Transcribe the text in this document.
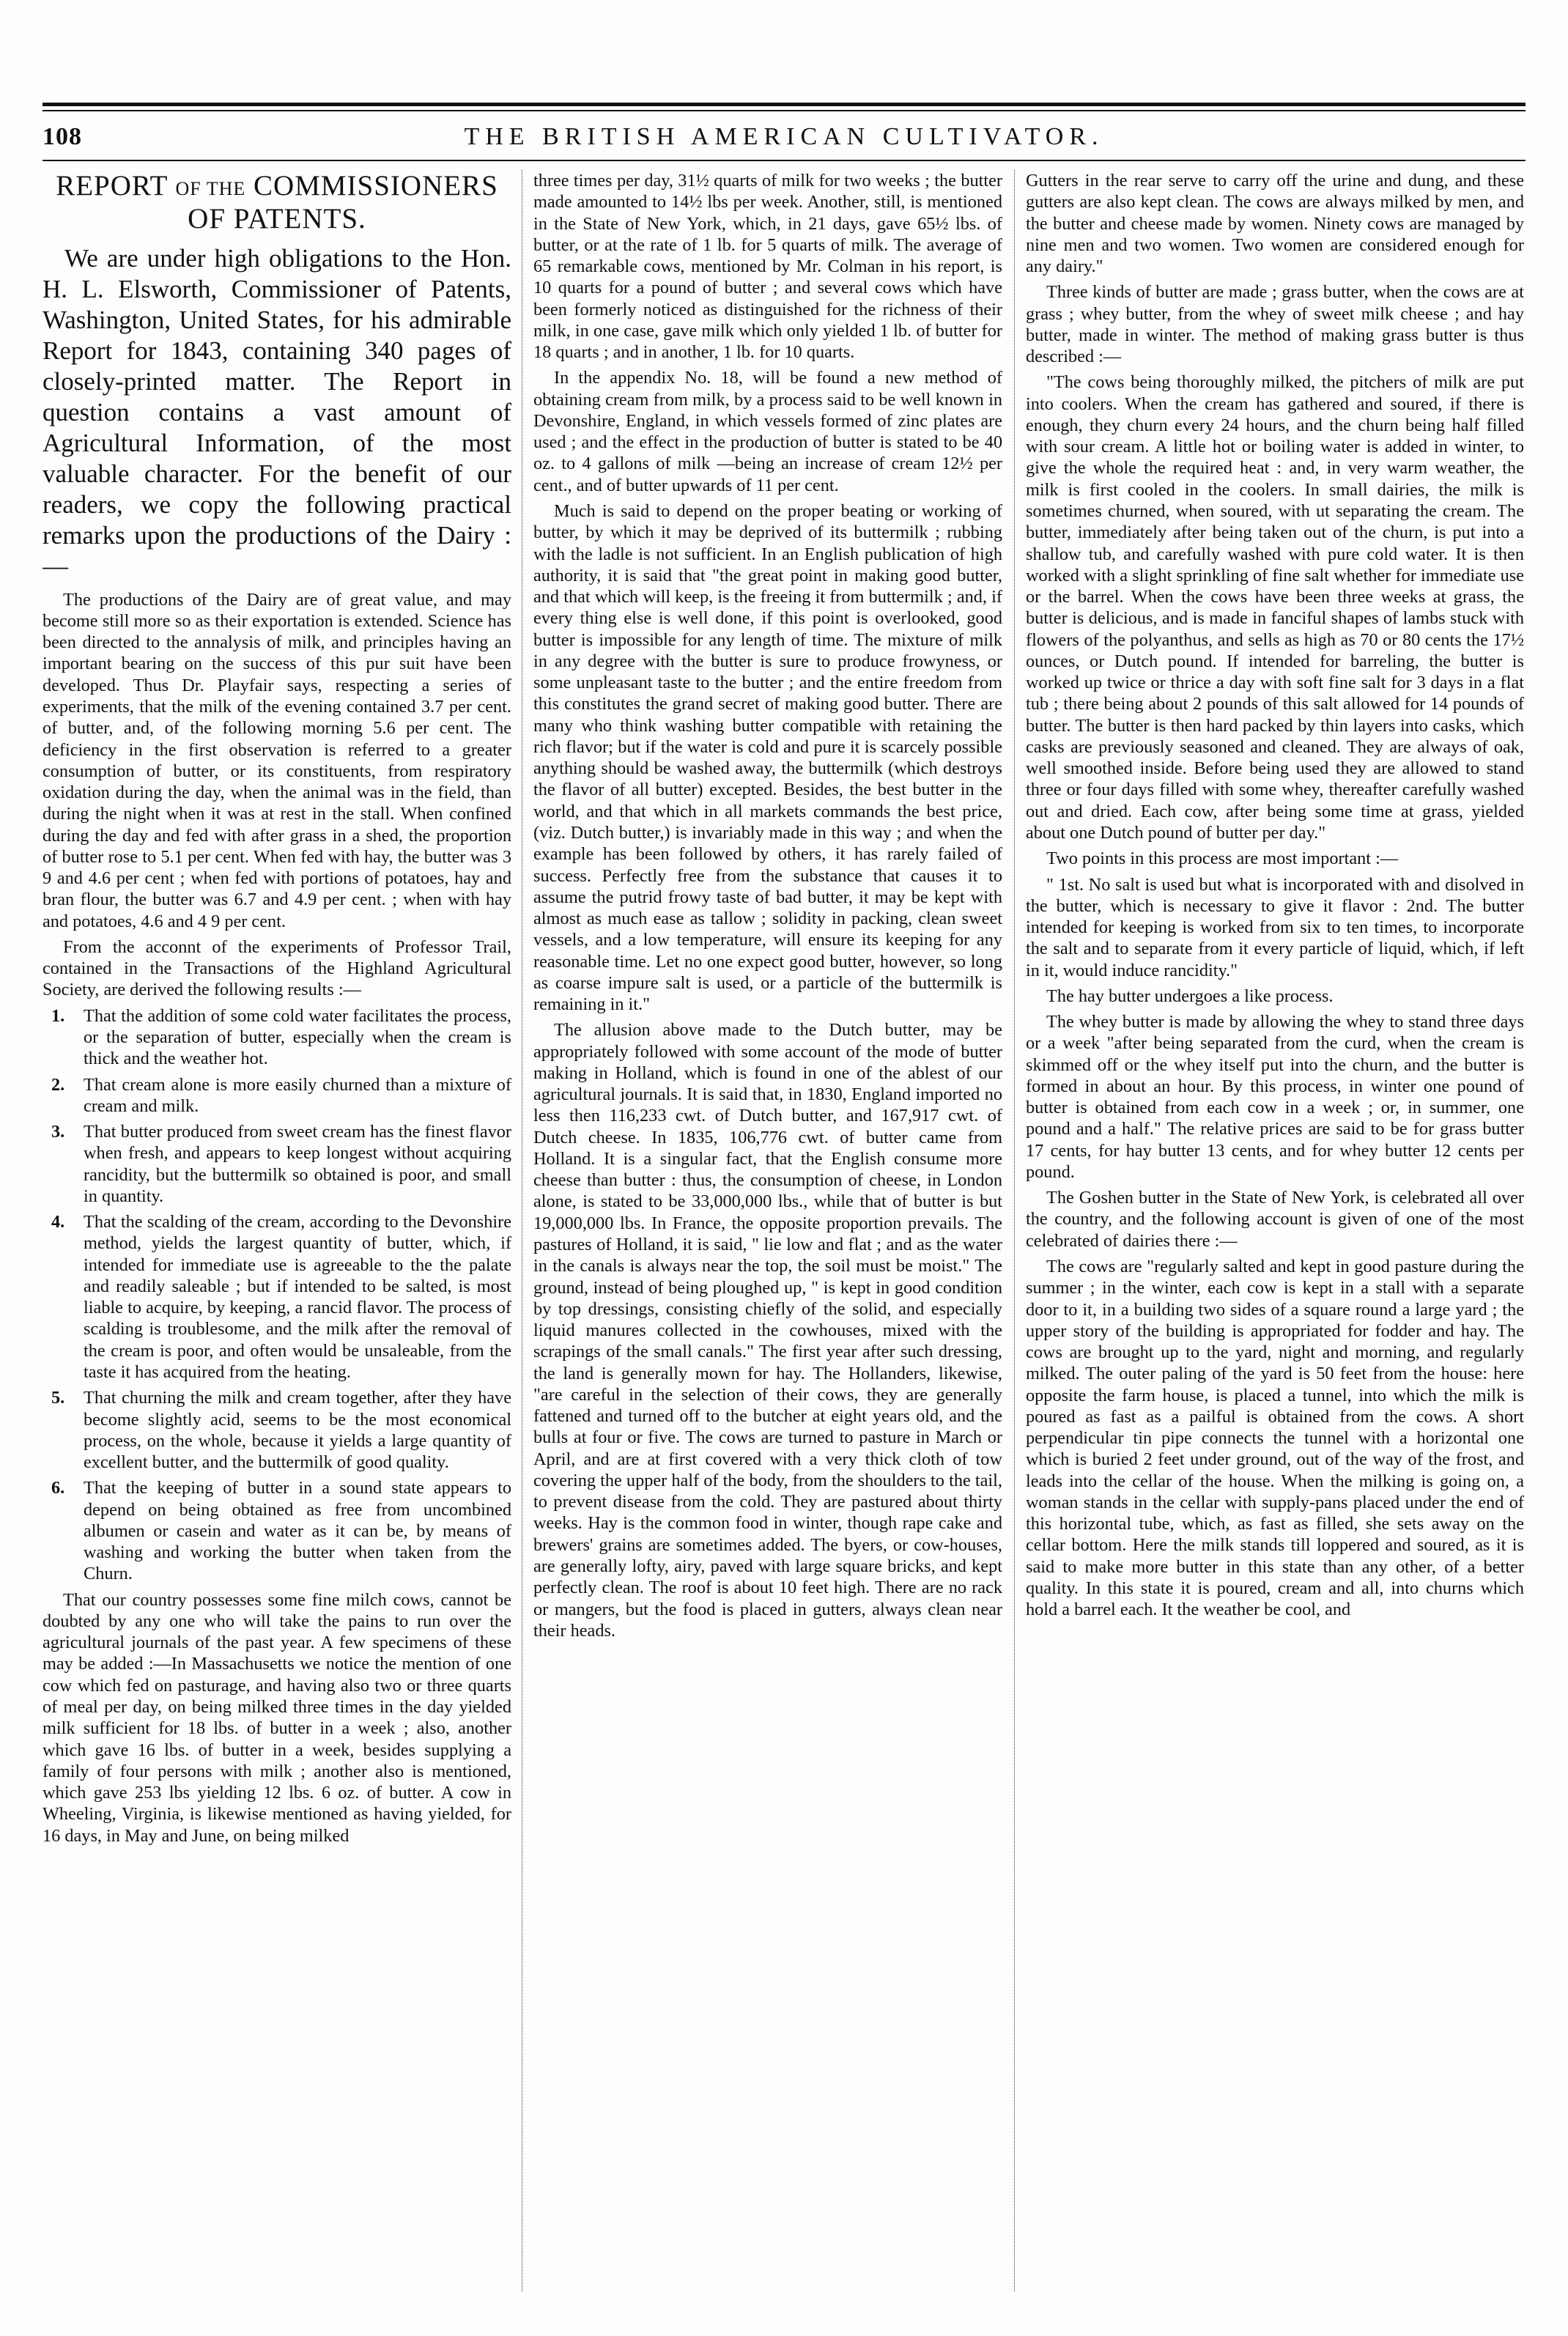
108	THE BRITISH AMERICAN CULTIVATOR.
REPORT OF THE COMMISSIONERS
OF PATENTS.

We are under high obligations to the Hon. H. L. Elsworth, Commissioner of Patents, Washington, United States, for his admirable Report for 1843, containing 340 pages of closely-printed matter. The Report in question contains a vast amount of Agricultural Information, of the most valuable character. For the benefit of our readers, we copy the following practical remarks upon the productions of the Dairy :—

The productions of the Dairy are of great value, and may become still more so as their exportation is extended. Science has been directed to the annalysis of milk, and principles having an important bearing on the success of this pur suit have been developed. Thus Dr. Playfair says, respecting a series of experiments, that the milk of the evening contained 3.7 per cent. of butter, and, of the following morning 5.6 per cent. The deficiency in the first observation is referred to a greater consumption of butter, or its constituents, from respiratory oxidation during the day, when the animal was in the field, than during the night when it was at rest in the stall. When confined during the day and fed with after grass in a shed, the proportion of butter rose to 5.1 per cent. When fed with hay, the butter was 3 9 and 4.6 per cent ; when fed with portions of potatoes, hay and bran flour, the butter was 6.7 and 4.9 per cent. ; when with hay and potatoes, 4.6 and 4 9 per cent.

From the acconnt of the experiments of Professor Trail, contained in the Transactions of the Highland Agricultural Society, are derived the following results :—

1. That the addition of some cold water facilitates the process, or the separation of butter, especially when the cream is thick and the weather hot.

2. That cream alone is more easily churned than a mixture of cream and milk.

3. That butter produced from sweet cream has the finest flavor when fresh, and appears to keep longest without acquiring rancidity, but the buttermilk so obtained is poor, and small in quantity.

4. That the scalding of the cream, according to the Devonshire method, yields the largest quantity of butter, which, if intended for immediate use is agreeable to the the palate and readily saleable ; but if intended to be salted, is most liable to acquire, by keeping, a rancid flavor. The process of scalding is troublesome, and the milk after the removal of the cream is poor, and often would be unsaleable, from the taste it has acquired from the heating.

5. That churning the milk and cream together, after they have become slightly acid, seems to be the most economical process, on the whole, because it yields a large quantity of excellent butter, and the buttermilk of good quality.

6. That the keeping of butter in a sound state appears to depend on being obtained as free from uncombined albumen or casein and water as it can be, by means of washing and working the butter when taken from the Churn.

That our country possesses some fine milch cows, cannot be doubted by any one who will take the pains to run over the agricultural journals of the past year. A few specimens of these may be added :—In Massachusetts we notice the mention of one cow which fed on pasturage, and having also two or three quarts of meal per day, on being milked three times in the day yielded milk sufficient for 18 lbs. of butter in a week ; also, another which gave 16 lbs. of butter in a week, besides supplying a family of four persons with milk ; another also is mentioned, which gave 253 lbs yielding 12 lbs. 6 oz. of butter. A cow in Wheeling, Virginia, is likewise mentioned as having yielded, for 16 days, in May and June, on being milked

three times per day, 31½ quarts of milk for two weeks ; the butter made amounted to 14½ lbs per week. Another, still, is mentioned in the State of New York, which, in 21 days, gave 65½ lbs. of butter, or at the rate of 1 lb. for 5 quarts of milk. The average of 65 remarkable cows, mentioned by Mr. Colman in his report, is 10 quarts for a pound of butter ; and several cows which have been formerly noticed as distinguished for the richness of their milk, in one case, gave milk which only yielded 1 lb. of butter for 18 quarts ; and in another, 1 lb. for 10 quarts.

In the appendix No. 18, will be found a new method of obtaining cream from milk, by a process said to be well known in Devonshire, England, in which vessels formed of zinc plates are used ; and the effect in the production of butter is stated to be 40 oz. to 4 gallons of milk —being an increase of cream 12½ per cent., and of butter upwards of 11 per cent.

Much is said to depend on the proper beating or working of butter, by which it may be deprived of its buttermilk ; rubbing with the ladle is not sufficient. In an English publication of high authority, it is said that "the great point in making good butter, and that which will keep, is the freeing it from buttermilk ; and, if every thing else is well done, if this point is overlooked, good butter is impossible for any length of time. The mixture of milk in any degree with the butter is sure to produce frowyness, or some unpleasant taste to the butter ; and the entire freedom from this constitutes the grand secret of making good butter. There are many who think washing butter compatible with retaining the rich flavor; but if the water is cold and pure it is scarcely possible anything should be washed away, the buttermilk (which destroys the flavor of all butter) excepted. Besides, the best butter in the world, and that which in all markets commands the best price, (viz. Dutch butter,) is invariably made in this way ; and when the example has been followed by others, it has rarely failed of success. Perfectly free from the substance that causes it to assume the putrid frowy taste of bad butter, it may be kept with almost as much ease as tallow ; solidity in packing, clean sweet vessels, and a low temperature, will ensure its keeping for any reasonable time. Let no one expect good butter, however, so long as coarse impure salt is used, or a particle of the buttermilk is remaining in it."

The allusion above made to the Dutch butter, may be appropriately followed with some account of the mode of butter making in Holland, which is found in one of the ablest of our agricultural journals. It is said that, in 1830, England imported no less then 116,233 cwt. of Dutch butter, and 167,917 cwt. of Dutch cheese. In 1835, 106,776 cwt. of butter came from Holland. It is a singular fact, that the English consume more cheese than butter : thus, the consumption of cheese, in London alone, is stated to be 33,000,000 lbs., while that of butter is but 19,000,000 lbs. In France, the opposite proportion prevails. The pastures of Holland, it is said, " lie low and flat ; and as the water in the canals is always near the top, the soil must be moist." The ground, instead of being ploughed up, " is kept in good condition by top dressings, consisting chiefly of the solid, and especially liquid manures collected in the cowhouses, mixed with the scrapings of the small canals." The first year after such dressing, the land is generally mown for hay. The Hollanders, likewise, "are careful in the selection of their cows, they are generally fattened and turned off to the butcher at eight years old, and the bulls at four or five. The cows are turned to pasture in March or April, and are at first covered with a very thick cloth of tow covering the upper half of the body, from the shoulders to the tail, to prevent disease from the cold. They are pastured about thirty weeks. Hay is the common food in winter, though rape cake and brewers' grains are sometimes added. The byers, or cow-houses, are generally lofty, airy, paved with large square bricks, and kept perfectly clean. The roof is about 10 feet high. There are no rack or mangers, but the food is placed in gutters, always clean near their heads.

Gutters in the rear serve to carry off the urine and dung, and these gutters are also kept clean. The cows are always milked by men, and the butter and cheese made by women. Ninety cows are managed by nine men and two women. Two women are considered enough for any dairy."

Three kinds of butter are made ; grass butter, when the cows are at grass ; whey butter, from the whey of sweet milk cheese ; and hay butter, made in winter. The method of making grass butter is thus described :—

"The cows being thoroughly milked, the pitchers of milk are put into coolers. When the cream has gathered and soured, if there is enough, they churn every 24 hours, and the churn being half filled with sour cream. A little hot or boiling water is added in winter, to give the whole the required heat : and, in very warm weather, the milk is first cooled in the coolers. In small dairies, the milk is sometimes churned, when soured, with ut separating the cream. The butter, immediately after being taken out of the churn, is put into a shallow tub, and carefully washed with pure cold water. It is then worked with a slight sprinkling of fine salt whether for immediate use or the barrel. When the cows have been three weeks at grass, the butter is delicious, and is made in fanciful shapes of lambs stuck with flowers of the polyanthus, and sells as high as 70 or 80 cents the 17½ ounces, or Dutch pound. If intended for barreling, the butter is worked up twice or thrice a day with soft fine salt for 3 days in a flat tub ; there being about 2 pounds of this salt allowed for 14 pounds of butter. The butter is then hard packed by thin layers into casks, which casks are previously seasoned and cleaned. They are always of oak, well smoothed inside. Before being used they are allowed to stand three or four days filled with some whey, thereafter carefully washed out and dried. Each cow, after being some time at grass, yielded about one Dutch pound of butter per day."

Two points in this process are most important :—

" 1st. No salt is used but what is incorporated with and disolved in the butter, which is necessary to give it flavor : 2nd. The butter intended for keeping is worked from six to ten times, to incorporate the salt and to separate from it every particle of liquid, which, if left in it, would induce rancidity."

The hay butter undergoes a like process.

The whey butter is made by allowing the whey to stand three days or a week "after being separated from the curd, when the cream is skimmed off or the whey itself put into the churn, and the butter is formed in about an hour. By this process, in winter one pound of butter is obtained from each cow in a week ; or, in summer, one pound and a half." The relative prices are said to be for grass butter 17 cents, for hay butter 13 cents, and for whey butter 12 cents per pound.

The Goshen butter in the State of New York, is celebrated all over the country, and the following account is given of one of the most celebrated of dairies there :—

The cows are "regularly salted and kept in good pasture during the summer ; in the winter, each cow is kept in a stall with a separate door to it, in a building two sides of a square round a large yard ; the upper story of the building is appropriated for fodder and hay. The cows are brought up to the yard, night and morning, and regularly milked. The outer paling of the yard is 50 feet from the house: here opposite the farm house, is placed a tunnel, into which the milk is poured as fast as a pailful is obtained from the cows. A short perpendicular tin pipe connects the tunnel with a horizontal one which is buried 2 feet under ground, out of the way of the frost, and leads into the cellar of the house. When the milking is going on, a woman stands in the cellar with supply-pans placed under the end of this horizontal tube, which, as fast as filled, she sets away on the cellar bottom. Here the milk stands till loppered and soured, as it is said to make more butter in this state than any other, of a better quality. In this state it is poured, cream and all, into churns which hold a barrel each. It the weather be cool, and
